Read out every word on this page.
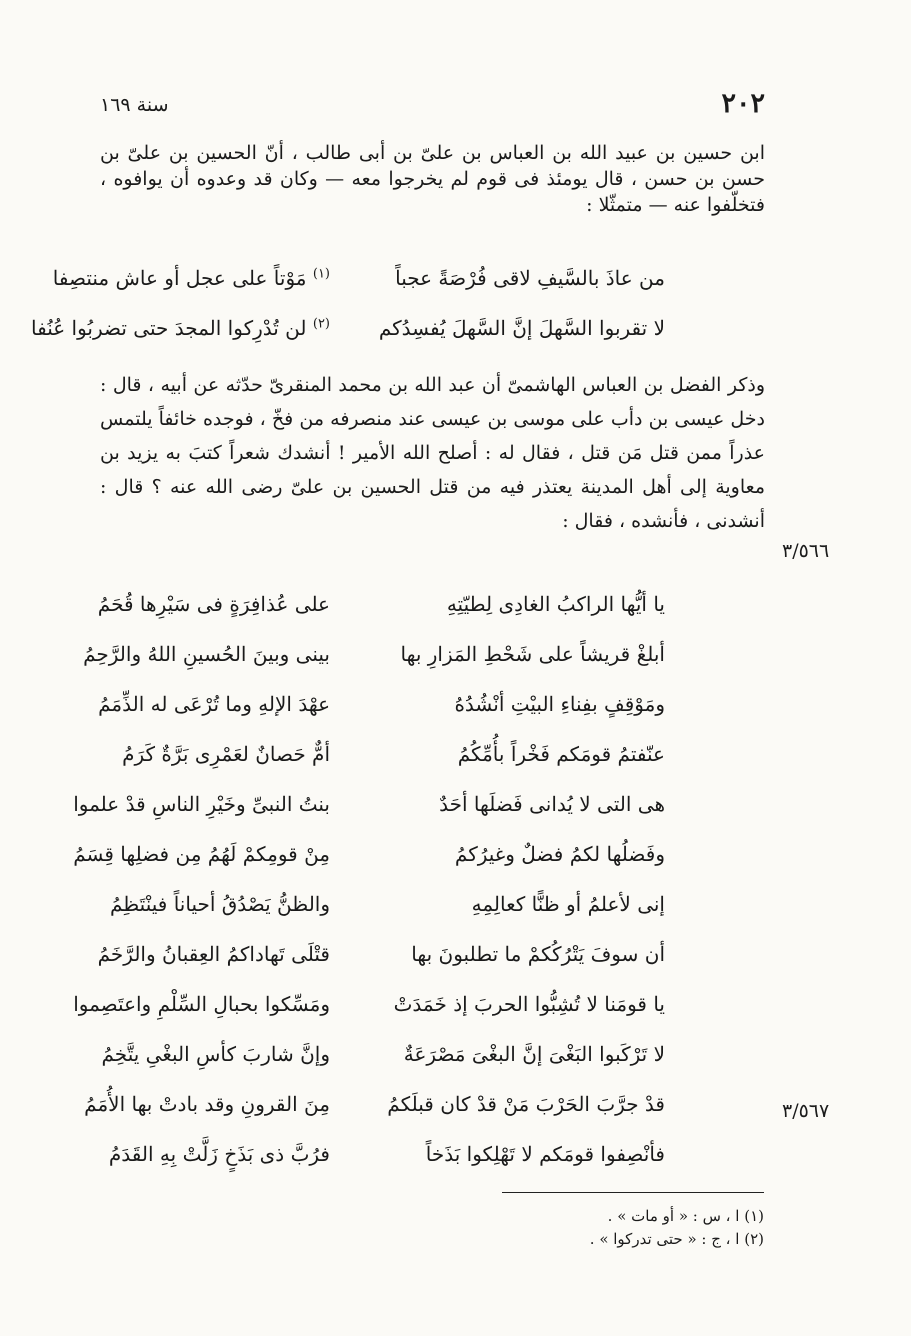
٢٠٢
سنة ١٦٩

ابن حسين بن عبيد الله بن العباس بن علىّ بن أبى طالب ، أنّ الحسين بن علىّ بن حسن بن حسن ، قال يومئذ فى قوم لم يخرجوا معه — وكان قد وعدوه أن يوافوه ، فتخلّفوا عنه — متمثّلا :

من عاذَ بالسَّيفِ لاقى فُرْصَةً عجباً
$^{(١)}$ مَوْتاً على عجل أو عاش منتصِفا
لا تقربوا السَّهلَ إنَّ السَّهلَ يُفسِدُكم
$^{(٢)}$ لن تُدْرِكوا المجدَ حتى تضربُوا عُنُفا

وذكر الفضل بن العباس الهاشمىّ أن عبد الله بن محمد المنقرىّ حدّثه عن أبيه ، قال : دخل عيسى بن دأب على موسى بن عيسى عند منصرفه من فخّ ، فوجده خائفاً يلتمس عذراً ممن قتل مَن قتل ، فقال له : أصلح الله الأمير ! أنشدك شعراً كتبَ به يزيد بن معاوية إلى أهل المدينة يعتذر فيه من قتل الحسين بن علىّ رضى الله عنه ؟ قال : أنشدنى ، فأنشده ، فقال :

٣/٥٦٦
٣/٥٦٧
يا أيُّها الراكبُ الغادِى لِطيّتِهِ
على عُذافِرَةٍ فى سَيْرِها قُحَمُ
أبلغْ قريشاً على شَحْطِ المَزارِ بها
بينى وبينَ الحُسينِ اللهُ والرَّحِمُ
ومَوْقِفٍ بفِناءِ البيْتِ أنْشُدُهُ
عهْدَ الإلهِ وما تُرْعَى له الذِّمَمُ
عنّفتمُ قومَكم فَخْراً بأُمِّكُمُ
أمٌّ حَصانٌ لعَمْرِى بَرَّةٌ كَرَمُ
هى التى لا يُدانى فَضلَها أحَدٌ
بنتُ النبىِّ وخَيْرِ الناسِ قدْ علموا
وفَضلُها لكمُ فضلٌ وغيرُكمُ
مِنْ قومِكمْ لَهُمُ مِن فضلِها قِسَمُ
إنى لأعلمُ أو ظنًّا كعالِمِهِ
والظنُّ يَصْدُقُ أحياناً فينْتَظِمُ
أن سوفَ يَتْرُكُكمْ ما تطلبونَ بها
قتْلَى تَهاداكمُ العِقبانُ والرَّخَمُ
يا قومَنا لا تُشِبُّوا الحربَ إذ خَمَدَتْ
ومَسِّكوا بحبالِ السِّلْمِ واعتَصِموا
لا تَرْكَبوا البَغْىَ إنَّ البغْىَ مَصْرَعَةٌ
وإنَّ شاربَ كأسِ البغْىِ يتَّخِمُ
قدْ جرَّبَ الحَرْبَ مَنْ قدْ كان قبلَكمُ
مِنَ القرونِ وقد بادتْ بها الأُمَمُ
فأنْصِفوا قومَكم لا تَهْلِكوا بَذَخاً
فرُبَّ ذى بَذَخٍ زَلَّتْ بِهِ القَدَمُ
(١) ا ، س : « أو مات » .
(٢) ا ، ج : « حتى تدركوا » .
